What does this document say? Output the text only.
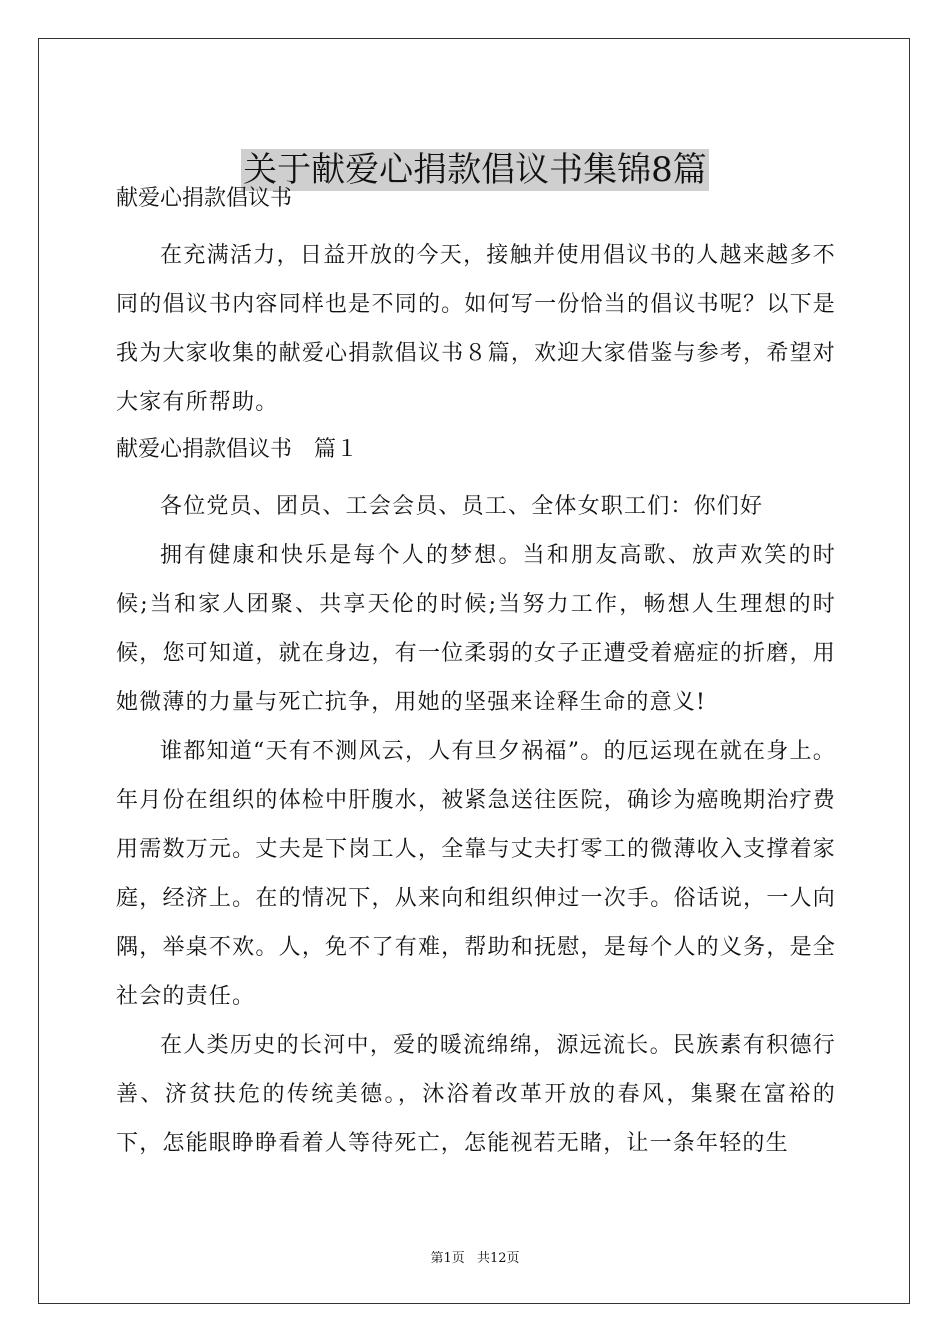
关于献爱心捐款倡议书集锦8篇

献爱心捐款倡议书

在充满活力，日益开放的今天，接触并使用倡议书的人越来越多不同的倡议书内容同样也是不同的。如何写一份恰当的倡议书呢？以下是我为大家收集的献爱心捐款倡议书８篇，欢迎大家借鉴与参考，希望对大家有所帮助。

献爱心捐款倡议书　篇１

各位党员、团员、工会会员、员工、全体女职工们：你们好

拥有健康和快乐是每个人的梦想。当和朋友高歌、放声欢笑的时候;当和家人团聚、共享天伦的时候;当努力工作，畅想人生理想的时候，您可知道，就在身边，有一位柔弱的女子正遭受着癌症的折磨，用她微薄的力量与死亡抗争，用她的坚强来诠释生命的意义!

谁都知道“天有不测风云，人有旦夕祸福”。的厄运现在就在身上。年月份在组织的体检中肝腹水，被紧急送往医院，确诊为癌晚期治疗费用需数万元。丈夫是下岗工人，全靠与丈夫打零工的微薄收入支撑着家庭，经济上。在的情况下，从来向和组织伸过一次手。俗话说，一人向隅，举桌不欢。人，免不了有难，帮助和抚慰，是每个人的义务，是全社会的责任。

在人类历史的长河中，爱的暖流绵绵，源远流长。民族素有积德行善、济贫扶危的传统美德。，沐浴着改革开放的春风，集聚在富裕的下，怎能眼睁睁看着人等待死亡，怎能视若无睹，让一条年轻的生

第1页 共12页
